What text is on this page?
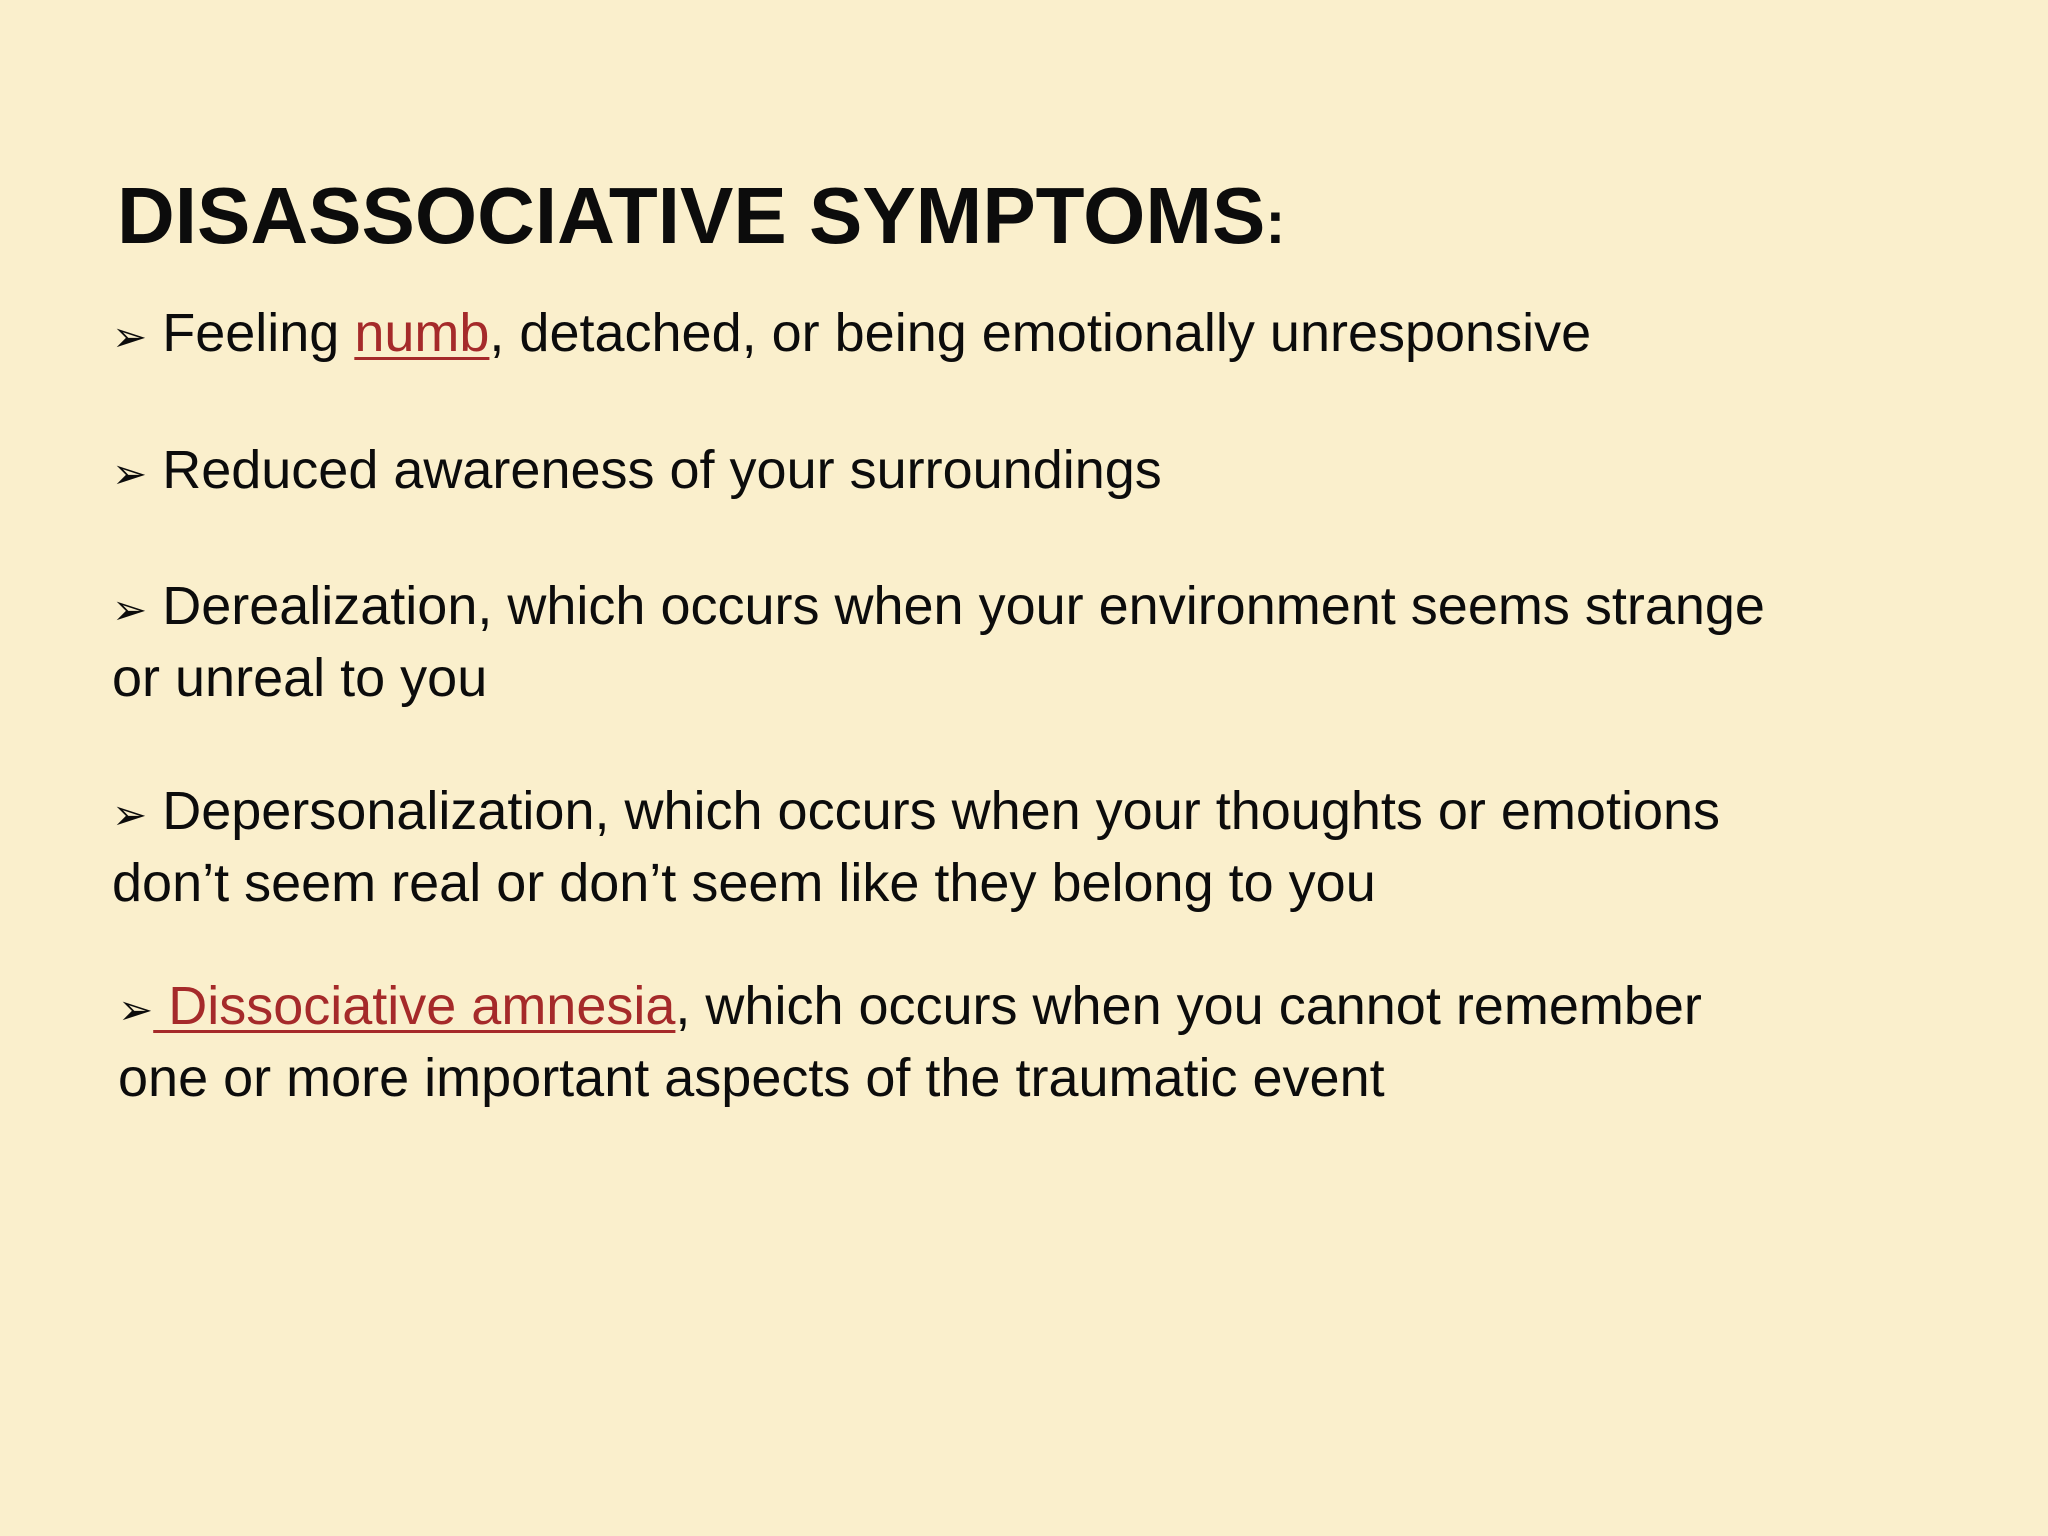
DISASSOCIATIVE SYMPTOMS:

➢ Feeling numb, detached, or being emotionally unresponsive

➢ Reduced awareness of your surroundings

➢ Derealization, which occurs when your environment seems strange
or unreal to you

➢ Depersonalization, which occurs when your thoughts or emotions
don’t seem real or don’t seem like they belong to you

➢ Dissociative amnesia, which occurs when you cannot remember
one or more important aspects of the traumatic event
